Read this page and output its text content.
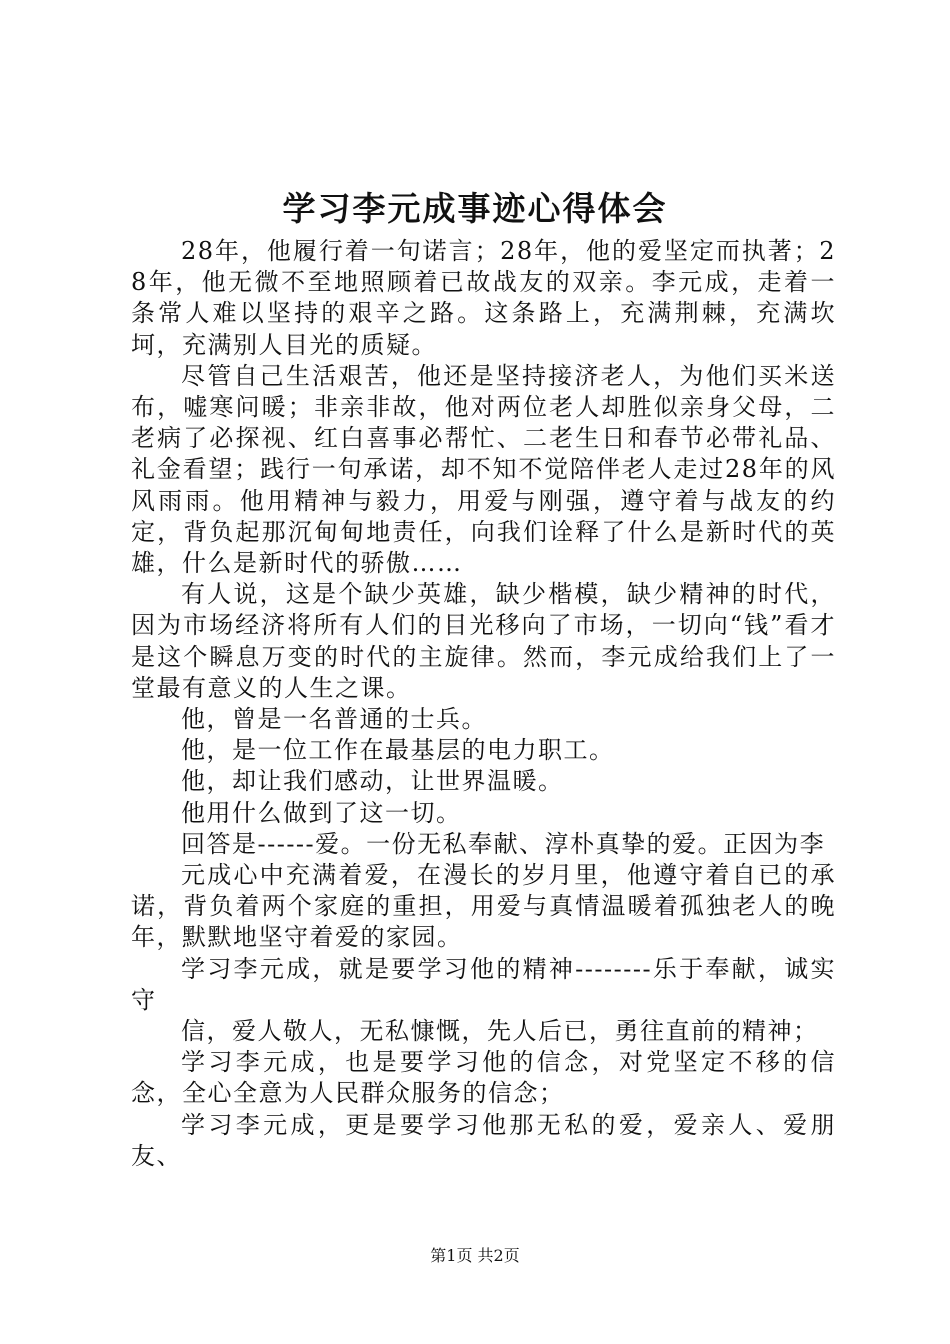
学习李元成事迹心得体会

28年，他履行着一句诺言；28年，他的爱坚定而执著；28年，他无微不至地照顾着已故战友的双亲。李元成，走着一条常人难以坚持的艰辛之路。这条路上，充满荆棘，充满坎坷，充满别人目光的质疑。

尽管自己生活艰苦，他还是坚持接济老人，为他们买米送布，嘘寒问暖；非亲非故，他对两位老人却胜似亲身父母，二老病了必探视、红白喜事必帮忙、二老生日和春节必带礼品、礼金看望；践行一句承诺，却不知不觉陪伴老人走过28年的风风雨雨。他用精神与毅力，用爱与刚强，遵守着与战友的约定，背负起那沉甸甸地责任，向我们诠释了什么是新时代的英雄，什么是新时代的骄傲……

有人说，这是个缺少英雄，缺少楷模，缺少精神的时代，因为市场经济将所有人们的目光移向了市场，一切向“钱”看才是这个瞬息万变的时代的主旋律。然而，李元成给我们上了一堂最有意义的人生之课。

他，曾是一名普通的士兵。

他，是一位工作在最基层的电力职工。

他，却让我们感动，让世界温暖。

他用什么做到了这一切。

回答是------爱。一份无私奉献、淳朴真挚的爱。正因为李

元成心中充满着爱，在漫长的岁月里，他遵守着自已的承诺，背负着两个家庭的重担，用爱与真情温暖着孤独老人的晚年，默默地坚守着爱的家园。

学习李元成，就是要学习他的精神--------乐于奉献，诚实守

信，爱人敬人，无私慷慨，先人后已，勇往直前的精神；

学习李元成，也是要学习他的信念，对党坚定不移的信念，全心全意为人民群众服务的信念；

学习李元成，更是要学习他那无私的爱，爱亲人、爱朋友、

第1页 共2页
